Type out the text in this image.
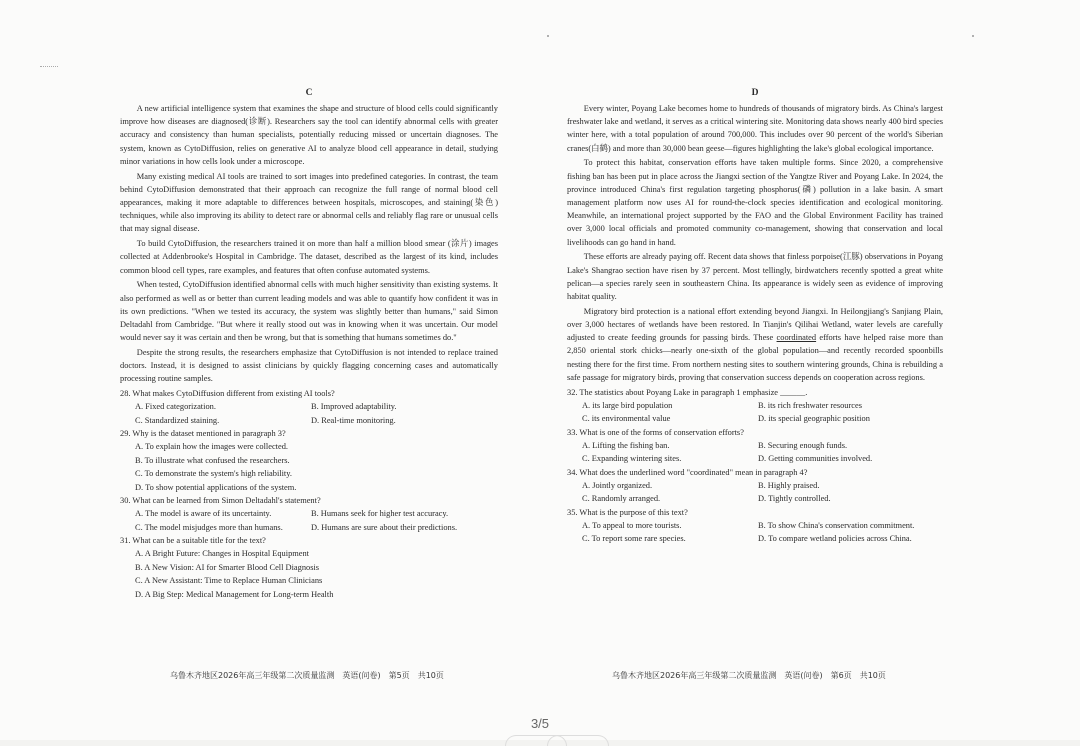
C

A new artificial intelligence system that examines the shape and structure of blood cells could significantly improve how diseases are diagnosed(诊断). Researchers say the tool can identify abnormal cells with greater accuracy and consistency than human specialists, potentially reducing missed or uncertain diagnoses. The system, known as CytoDiffusion, relies on generative AI to analyze blood cell appearance in detail, studying minor variations in how cells look under a microscope.

Many existing medical AI tools are trained to sort images into predefined categories. In contrast, the team behind CytoDiffusion demonstrated that their approach can recognize the full range of normal blood cell appearances, making it more adaptable to differences between hospitals, microscopes, and staining(染色) techniques, while also improving its ability to detect rare or abnormal cells and reliably flag rare or unusual cells that may signal disease.

To build CytoDiffusion, the researchers trained it on more than half a million blood smear (涂片) images collected at Addenbrooke's Hospital in Cambridge. The dataset, described as the largest of its kind, includes common blood cell types, rare examples, and features that often confuse automated systems.

When tested, CytoDiffusion identified abnormal cells with much higher sensitivity than existing systems. It also performed as well as or better than current leading models and was able to quantify how confident it was in its own predictions. "When we tested its accuracy, the system was slightly better than humans," said Simon Deltadahl from Cambridge. "But where it really stood out was in knowing when it was uncertain. Our model would never say it was certain and then be wrong, but that is something that humans sometimes do."

Despite the strong results, the researchers emphasize that CytoDiffusion is not intended to replace trained doctors. Instead, it is designed to assist clinicians by quickly flagging concerning cases and automatically processing routine samples.

28. What makes CytoDiffusion different from existing AI tools?
A. Fixed categorization.	B. Improved adaptability.
C. Standardized staining.	D. Real-time monitoring.
29. Why is the dataset mentioned in paragraph 3?
A. To explain how the images were collected.
B. To illustrate what confused the researchers.
C. To demonstrate the system's high reliability.
D. To show potential applications of the system.
30. What can be learned from Simon Deltadahl's statement?
A. The model is aware of its uncertainty.	B. Humans seek for higher test accuracy.
C. The model misjudges more than humans.	D. Humans are sure about their predictions.
31. What can be a suitable title for the text?
A. A Bright Future: Changes in Hospital Equipment
B. A New Vision: AI for Smarter Blood Cell Diagnosis
C. A New Assistant: Time to Replace Human Clinicians
D. A Big Step: Medical Management for Long-term Health
D

Every winter, Poyang Lake becomes home to hundreds of thousands of migratory birds. As China's largest freshwater lake and wetland, it serves as a critical wintering site. Monitoring data shows nearly 400 bird species winter here, with a total population of around 700,000. This includes over 90 percent of the world's Siberian cranes(白鹤) and more than 30,000 bean geese—figures highlighting the lake's global ecological importance.

To protect this habitat, conservation efforts have taken multiple forms. Since 2020, a comprehensive fishing ban has been put in place across the Jiangxi section of the Yangtze River and Poyang Lake. In 2024, the province introduced China's first regulation targeting phosphorus(磷) pollution in a lake basin. A smart management platform now uses AI for round-the-clock species identification and ecological monitoring. Meanwhile, an international project supported by the FAO and the Global Environment Facility has trained over 3,000 local officials and promoted community co-management, showing that conservation and local livelihoods can go hand in hand.

These efforts are already paying off. Recent data shows that finless porpoise(江豚) observations in Poyang Lake's Shangrao section have risen by 37 percent. Most tellingly, birdwatchers recently spotted a great white pelican—a species rarely seen in southeastern China. Its appearance is widely seen as evidence of improving habitat quality.

Migratory bird protection is a national effort extending beyond Jiangxi. In Heilongjiang's Sanjiang Plain, over 3,000 hectares of wetlands have been restored. In Tianjin's Qilihai Wetland, water levels are carefully adjusted to create feeding grounds for passing birds. These coordinated efforts have helped raise more than 2,850 oriental stork chicks—nearly one-sixth of the global population—and recently recorded spoonbills nesting there for the first time. From northern nesting sites to southern wintering grounds, China is rebuilding a safe passage for migratory birds, proving that conservation success depends on cooperation across regions.

32. The statistics about Poyang Lake in paragraph 1 emphasize ______.
A. its large bird population	B. its rich freshwater resources
C. its environmental value	D. its special geographic position
33. What is one of the forms of conservation efforts?
A. Lifting the fishing ban.	B. Securing enough funds.
C. Expanding wintering sites.	D. Getting communities involved.
34. What does the underlined word "coordinated" mean in paragraph 4?
A. Jointly organized.	B. Highly praised.
C. Randomly arranged.	D. Tightly controlled.
35. What is the purpose of this text?
A. To appeal to more tourists.	B. To show China's conservation commitment.
C. To report some rare species.	D. To compare wetland policies across China.
乌鲁木齐地区2026年高三年级第二次质量监测　英语(问卷)　第5页　共10页	乌鲁木齐地区2026年高三年级第二次质量监测　英语(问卷)　第6页　共10页
3/5
